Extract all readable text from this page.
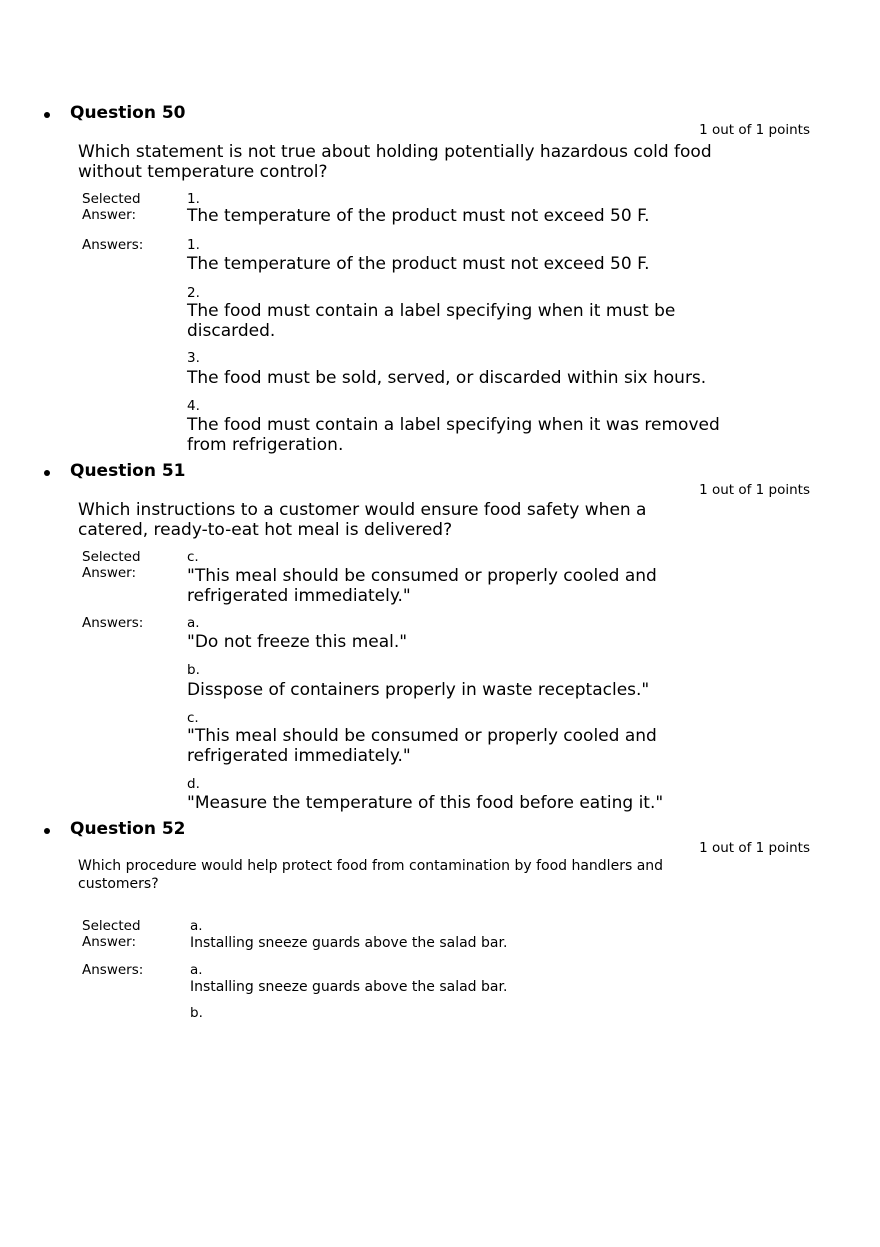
Question 50

1 out of 1 points

Which statement is not true about holding potentially hazardous cold food without temperature control?

Selected Answer:

1.

The temperature of the product must not exceed 50 F.

Answers:	1.

The temperature of the product must not exceed 50 F.

2.

The food must contain a label specifying when it must be discarded.

3.

The food must be sold, served, or discarded within six hours.

4.

The food must contain a label specifying when it was removed from refrigeration.

Question 51

1 out of 1 points

Which instructions to a customer would ensure food safety when a catered, ready-to-eat hot meal is delivered?

Selected Answer:

c.

"This meal should be consumed or properly cooled and refrigerated immediately."

Answers:	a.

"Do not freeze this meal."

b.

Disspose of containers properly in waste receptacles."

c.

"This meal should be consumed or properly cooled and refrigerated immediately."

d.

"Measure the temperature of this food before eating it."

Question 52

1 out of 1 points

Which procedure would help protect food from contamination by food handlers and customers?

Selected Answer:

a.

Installing sneeze guards above the salad bar.

Answers:	a.

Installing sneeze guards above the salad bar.

b.
